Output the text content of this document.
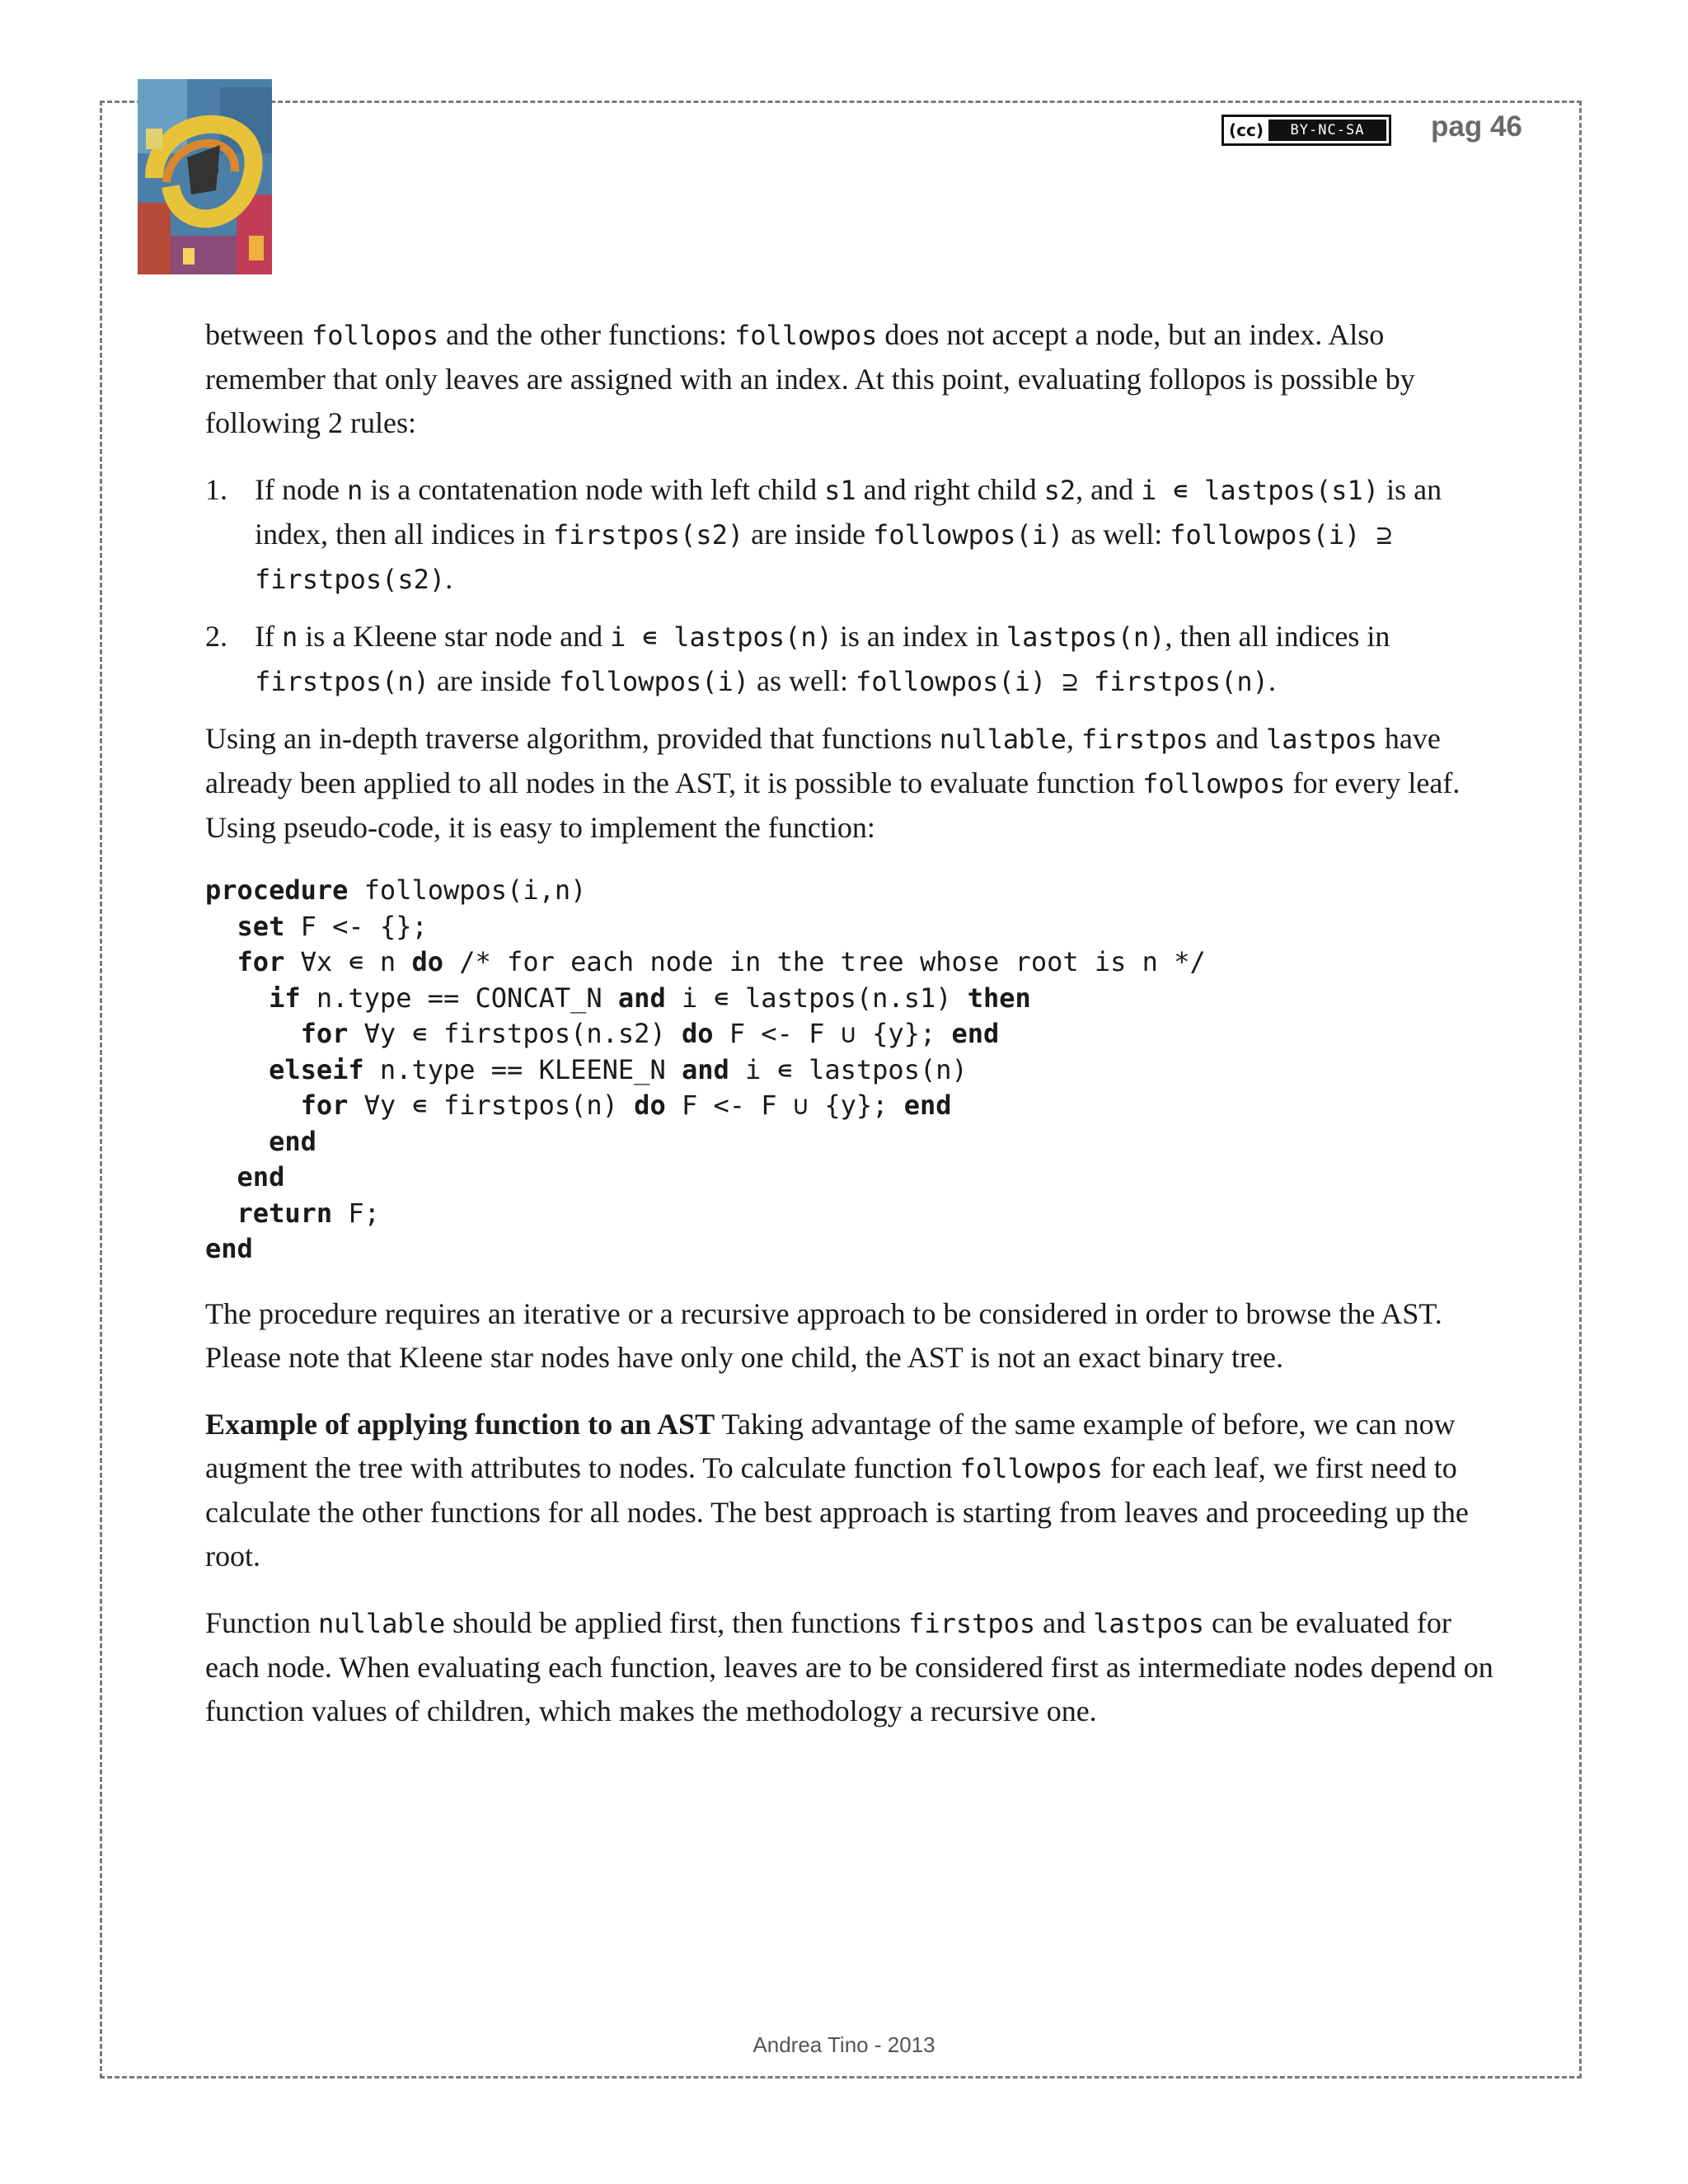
(cc)	BY-NC-SA	pag 46

between follopos and the other functions: followpos does not accept a node, but an index. Also remember that only leaves are assigned with an index. At this point, evaluating follopos is possible by following 2 rules:

1. If node n is a contatenation node with left child s1 and right child s2, and i ∊ lastpos(s1) is an index, then all indices in firstpos(s2) are inside followpos(i) as well: followpos(i) ⊇ firstpos(s2).
2. If n is a Kleene star node and i ∊ lastpos(n) is an index in lastpos(n), then all indices in firstpos(n) are inside followpos(i) as well: followpos(i) ⊇ firstpos(n).

Using an in-depth traverse algorithm, provided that functions nullable, firstpos and lastpos have already been applied to all nodes in the AST, it is possible to evaluate function followpos for every leaf. Using pseudo-code, it is easy to implement the function:

procedure followpos(i,n)
set F <- {};
for ∀x ∊ n do /* for each node in the tree whose root is n */
if n.type == CONCAT_N and i ∊ lastpos(n.s1) then
for ∀y ∊ firstpos(n.s2) do F <- F ∪ {y}; end
elseif n.type == KLEENE_N and i ∊ lastpos(n)
for ∀y ∊ firstpos(n) do F <- F ∪ {y}; end
end
end
return F;
end

The procedure requires an iterative or a recursive approach to be considered in order to browse the AST. Please note that Kleene star nodes have only one child, the AST is not an exact binary tree.

Example of applying function to an AST Taking advantage of the same example of before, we can now augment the tree with attributes to nodes. To calculate function followpos for each leaf, we first need to calculate the other functions for all nodes. The best approach is starting from leaves and proceeding up the root.

Function nullable should be applied first, then functions firstpos and lastpos can be evaluated for each node. When evaluating each function, leaves are to be considered first as intermediate nodes depend on function values of children, which makes the methodology a recursive one.

Andrea Tino - 2013
